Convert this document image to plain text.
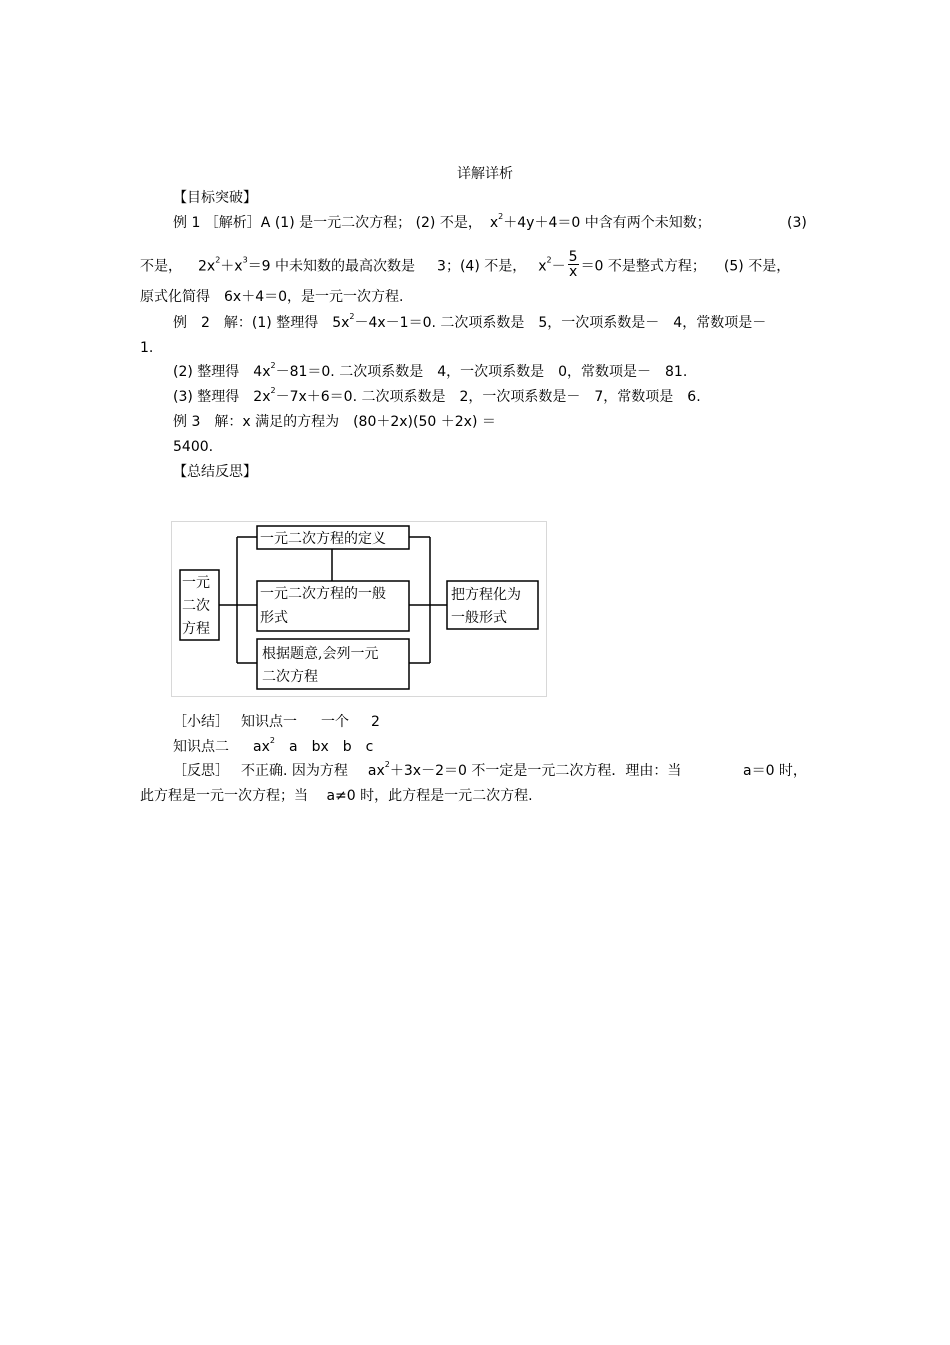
详解详析
【目标突破】
例 1 ［解析］A (1) 是一元二次方程； (2) 不是， $x^2+4y+4=0$ 中含有两个未知数；	(3)
不是， $2x^2+x^3=9$ 中未知数的最高次数是 3；(4) 不是， $x^2- \frac{5}{x} =0$ 不是整式方程； (5) 不是，
原式化简得　6x＋4＝0，是一元一次方程.
例　2　解：(1) 整理得　$5x^2-4x-1=0$. 二次项系数是　5，一次项系数是－　4，常数项是－
1.
(2) 整理得　$4x^2-81=0$. 二次项系数是　4，一次项系数是　0，常数项是－　81.
(3) 整理得　$2x^2-7x+6=0$. 二次项系数是　2，一次项系数是－　7，常数项是　6.
例 3　解：x 满足的方程为　(80＋2x)(50 ＋2x) ＝
5400.
【总结反思】
一元
二次
方程
一元二次方程的定义
一元二次方程的一般
形式
根据题意,会列一元
二次方程
把方程化为
一般形式
［小结］ 知识点一 一个 2
知识点二 $ax^2$ a bx b c
［反思］ 不正确. 因为方程 $ax^2+3x-2=0$ 不一定是一元二次方程．理由：当	a＝0 时，
此方程是一元一次方程；当　 a≠0 时，此方程是一元二次方程.
